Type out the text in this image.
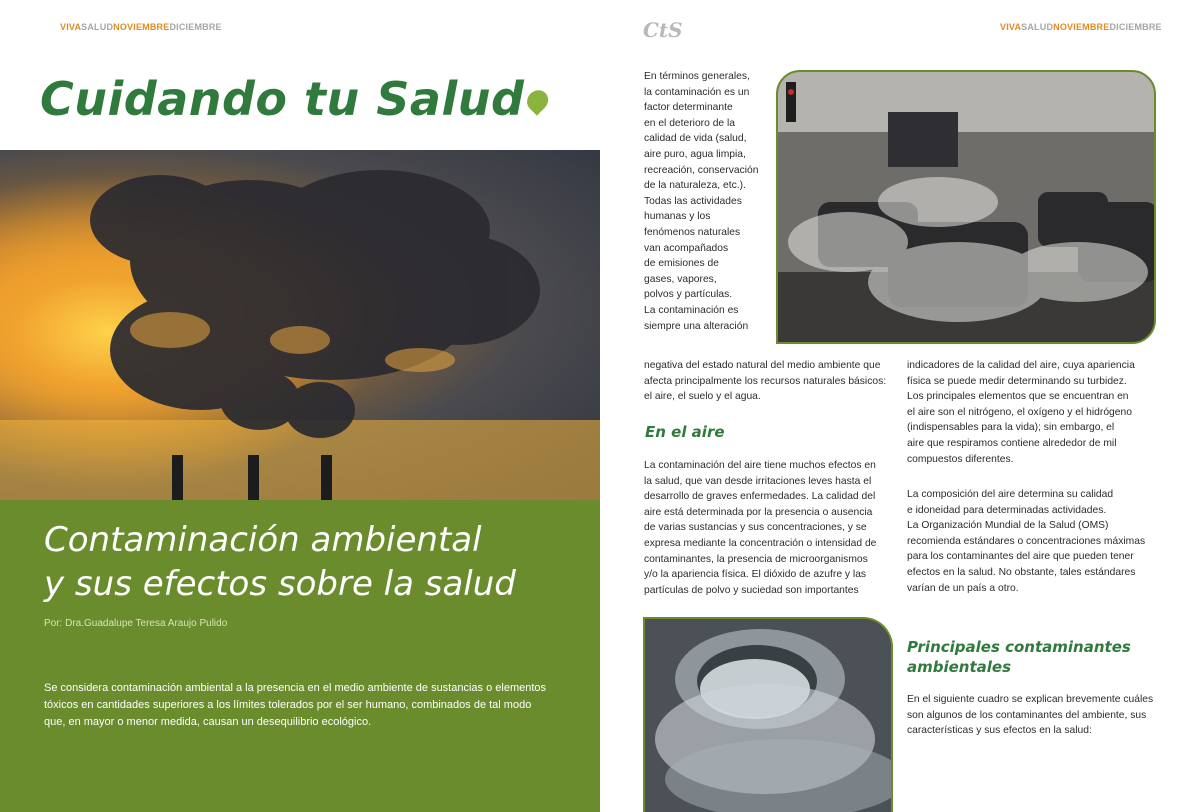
VIVASALUDNOVIEMBREDICIEMBRE	CtS	VIVASALUDNOVIEMBREDICIEMBRE
Cuidando tu Salud
Contaminación ambiental
y sus efectos sobre la salud
Por: Dra.Guadalupe Teresa Araujo Pulido
Se considera contaminación ambiental a la presencia en el medio ambiente de sustancias o elementos
tóxicos en cantidades superiores a los límites tolerados por el ser humano, combinados de tal modo
que, en mayor o menor medida, causan un desequilibrio ecológico.

En términos generales,

la contaminación es un

factor determinante

en el deterioro de la

calidad de vida (salud,

aire puro, agua limpia,

recreación, conservación

de la naturaleza, etc.).

Todas las actividades

humanas y los

fenómenos naturales

van acompañados

de emisiones de

gases, vapores,

polvos y partículas.

La contaminación es

siempre una alteración

negativa del estado natural del medio ambiente que

afecta principalmente los recursos naturales básicos:

el aire, el suelo y el agua.

En el aire

La contaminación del aire tiene muchos efectos en

la salud, que van desde irritaciones leves hasta el

desarrollo de graves enfermedades. La calidad del

aire está determinada por la presencia o ausencia

de varias sustancias y sus concentraciones, y se

expresa mediante la concentración o intensidad de

contaminantes, la presencia de microorganismos

y/o la apariencia física. El dióxido de azufre y las

partículas de polvo y suciedad son importantes

indicadores de la calidad del aire, cuya apariencia

física se puede medir determinando su turbidez.

Los principales elementos que se encuentran en

el aire son el nitrógeno, el oxígeno y el hidrógeno

(indispensables para la vida); sin embargo, el

aire que respiramos contiene alrededor de mil

compuestos diferentes.

La composición del aire determina su calidad

e idoneidad para determinadas actividades.

La Organización Mundial de la Salud (OMS)

recomienda estándares o concentraciones máximas

para los contaminantes del aire que pueden tener

efectos en la salud. No obstante, tales estándares

varían de un país a otro.

Principales contaminantes
ambientales

En el siguiente cuadro se explican brevemente cuáles

son algunos de los contaminantes del ambiente, sus

características y sus efectos en la salud:
